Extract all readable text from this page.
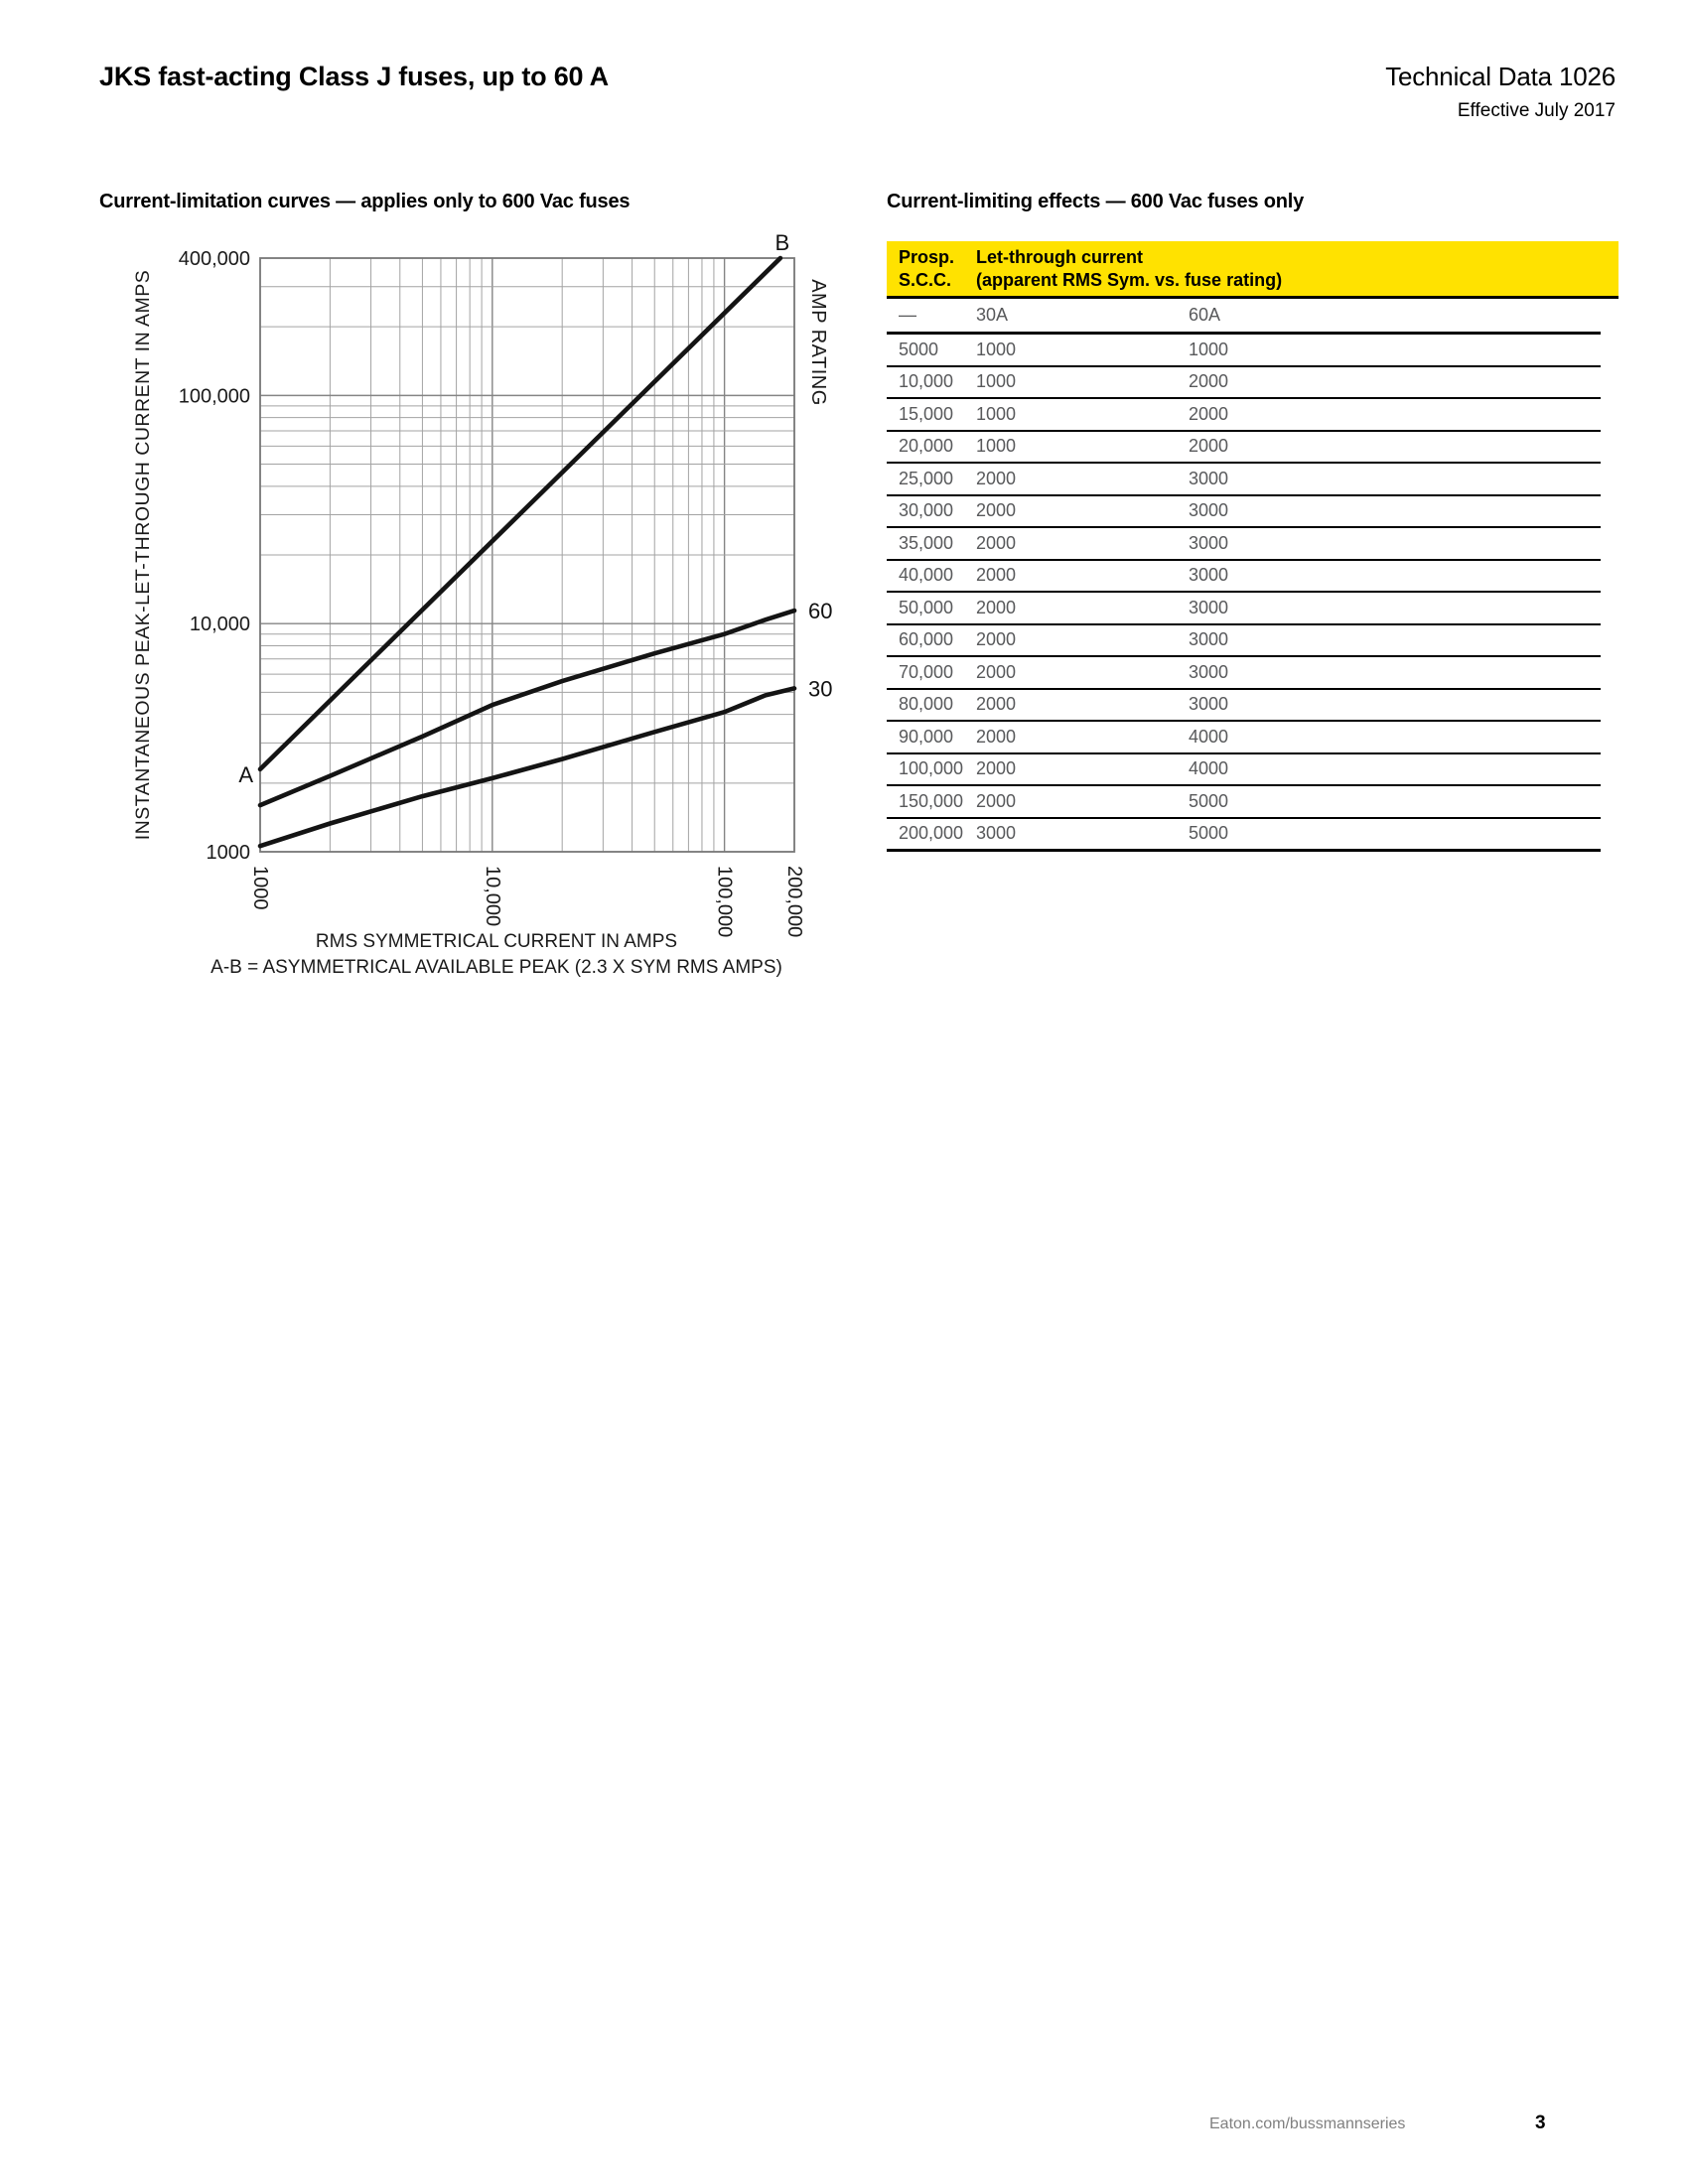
JKS fast-acting Class J fuses, up to 60 A	Technical Data 1026
Effective July 2017
Current-limitation curves — applies only to 600 Vac fuses	Current-limiting effects — 600 Vac fuses only
A
B
60
30
1000
10,000
100,000
400,000
1000	10,000	100,000 200,000
INSTANTANEOUS PEAK-LET-THROUGH CURRENT IN AMPS	AMP RATING
RMS SYMMETRICAL CURRENT IN AMPS
A-B = ASYMMETRICAL AVAILABLE PEAK (2.3 X SYM RMS AMPS)
Prosp.
S.C.C.
Let-through current
(apparent RMS Sym. vs. fuse rating)
—	30A	60A
5000	1000	1000
10,000	1000	2000
15,000	1000	2000
20,000	1000	2000
25,000	2000	3000
30,000	2000	3000
35,000	2000	3000
40,000	2000	3000
50,000	2000	3000
60,000	2000	3000
70,000	2000	3000
80,000	2000	3000
90,000	2000	4000
100,000 2000	4000
150,000 2000	5000
200,000 3000	5000
Eaton.com/bussmannseries	3
